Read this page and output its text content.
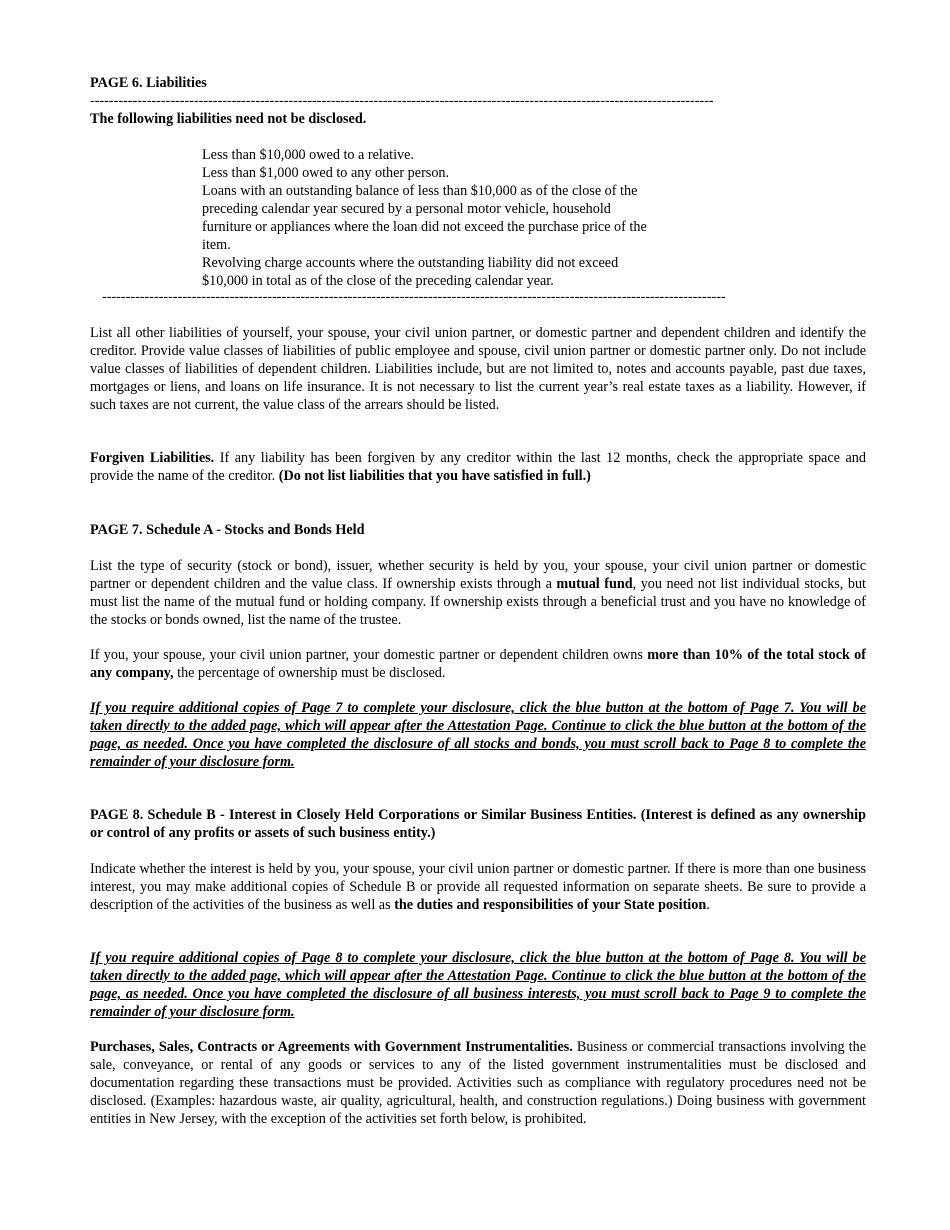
PAGE 6. Liabilities
------------------------------------------------------------------------------------------------------------------------------------
The following liabilities need not be disclosed.
Less than $10,000 owed to a relative.
Less than $1,000 owed to any other person.
Loans with an outstanding balance of less than $10,000 as of the close of the preceding calendar year secured by a personal motor vehicle, household furniture or appliances where the loan did not exceed the purchase price of the item.
Revolving charge accounts where the outstanding liability did not exceed $10,000 in total as of the close of the preceding calendar year.
------------------------------------------------------------------------------------------------------------------------------------

List all other liabilities of yourself, your spouse, your civil union partner, or domestic partner and dependent children and identify the creditor. Provide value classes of liabilities of public employee and spouse, civil union partner or domestic partner only. Do not include value classes of liabilities of dependent children. Liabilities include, but are not limited to, notes and accounts payable, past due taxes, mortgages or liens, and loans on life insurance. It is not necessary to list the current year’s real estate taxes as a liability. However, if such taxes are not current, the value class of the arrears should be listed.

Forgiven Liabilities. If any liability has been forgiven by any creditor within the last 12 months, check the appropriate space and provide the name of the creditor. (Do not list liabilities that you have satisfied in full.)

PAGE 7. Schedule A - Stocks and Bonds Held

List the type of security (stock or bond), issuer, whether security is held by you, your spouse, your civil union partner or domestic partner or dependent children and the value class. If ownership exists through a mutual fund, you need not list individual stocks, but must list the name of the mutual fund or holding company. If ownership exists through a beneficial trust and you have no knowledge of the stocks or bonds owned, list the name of the trustee.

If you, your spouse, your civil union partner, your domestic partner or dependent children owns more than 10% of the total stock of any company, the percentage of ownership must be disclosed.

If you require additional copies of Page 7 to complete your disclosure, click the blue button at the bottom of Page 7. You will be taken directly to the added page, which will appear after the Attestation Page. Continue to click the blue button at the bottom of the page, as needed. Once you have completed the disclosure of all stocks and bonds, you must scroll back to Page 8 to complete the remainder of your disclosure form.

PAGE 8. Schedule B - Interest in Closely Held Corporations or Similar Business Entities. (Interest is defined as any ownership or control of any profits or assets of such business entity.)

Indicate whether the interest is held by you, your spouse, your civil union partner or domestic partner. If there is more than one business interest, you may make additional copies of Schedule B or provide all requested information on separate sheets. Be sure to provide a description of the activities of the business as well as the duties and responsibilities of your State position.

If you require additional copies of Page 8 to complete your disclosure, click the blue button at the bottom of Page 8. You will be taken directly to the added page, which will appear after the Attestation Page. Continue to click the blue button at the bottom of the page, as needed. Once you have completed the disclosure of all business interests, you must scroll back to Page 9 to complete the remainder of your disclosure form.

Purchases, Sales, Contracts or Agreements with Government Instrumentalities. Business or commercial transactions involving the sale, conveyance, or rental of any goods or services to any of the listed government instrumentalities must be disclosed and documentation regarding these transactions must be provided. Activities such as compliance with regulatory procedures need not be disclosed. (Examples: hazardous waste, air quality, agricultural, health, and construction regulations.) Doing business with government entities in New Jersey, with the exception of the activities set forth below, is prohibited.
